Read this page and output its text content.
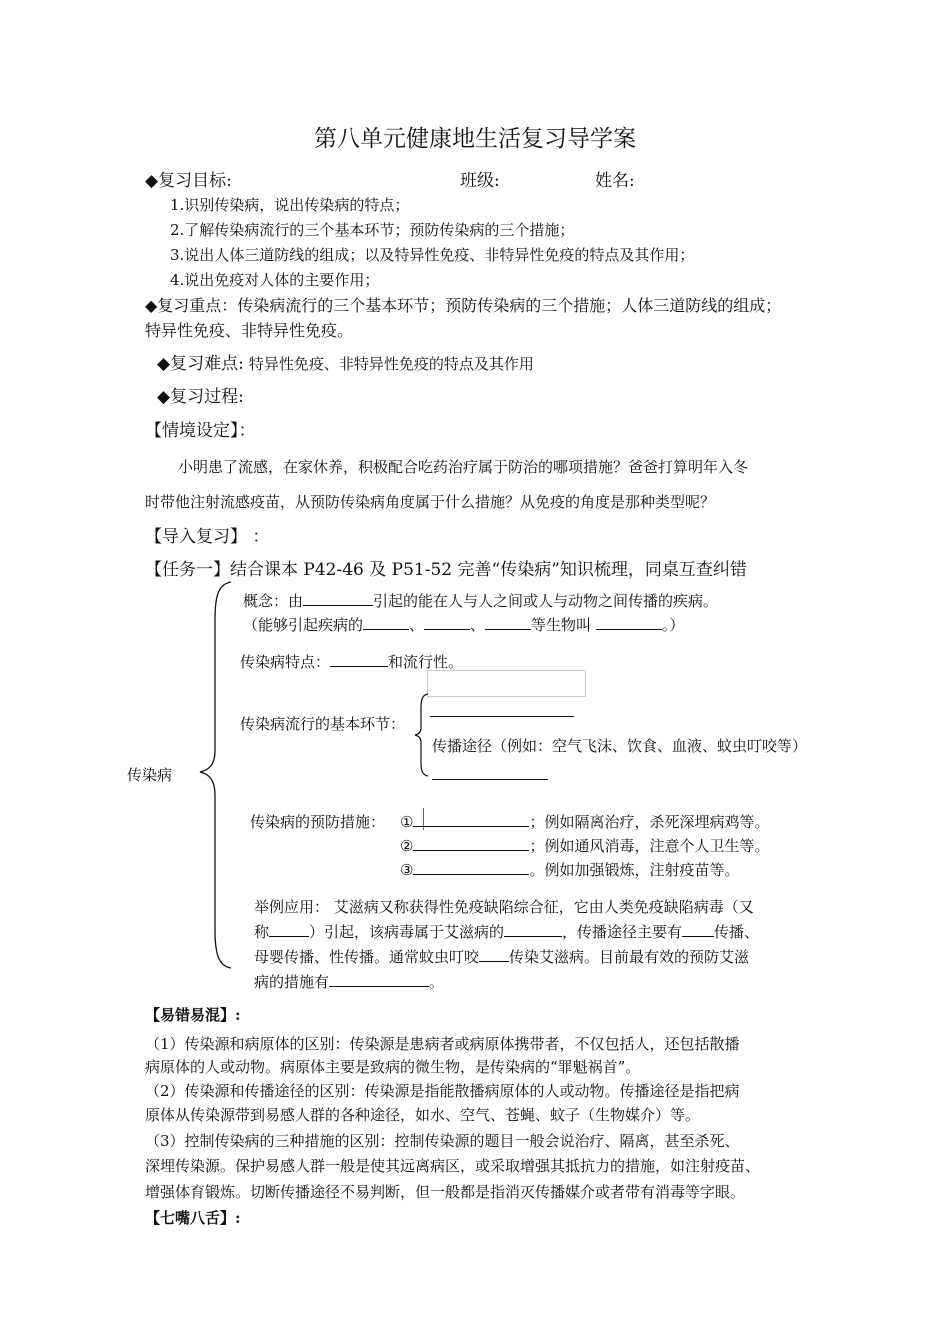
第八单元健康地生活复习导学案
◆复习目标:	班级:	姓名:
1.识别传染病，说出传染病的特点；
2.了解传染病流行的三个基本环节；预防传染病的三个措施；
3.说出人体三道防线的组成；以及特异性免疫、非特异性免疫的特点及其作用；
4.说出免疫对人体的主要作用；
◆复习重点：传染病流行的三个基本环节；预防传染病的三个措施；人体三道防线的组成；
特异性免疫、非特异性免疫。
◆复习难点: 特异性免疫、非特异性免疫的特点及其作用
◆复习过程:
【情境设定】：
小明患了流感，在家休养，积极配合吃药治疗属于防治的哪项措施？爸爸打算明年入冬
时带他注射流感疫苗，从预防传染病角度属于什么措施？从免疫的角度是那种类型呢？
【导入复习】 ：
【任务一】结合课本 P42-46 及 P51-52 完善“传染病”知识梳理，同桌互查纠错
传染病
概念：由	引起的能在人与人之间或人与动物之间传播的疾病。
（能够引起疾病的	、	、	等生物叫	。）
传染病特点：	和流行性。
传染病流行的基本环节：
传播途径（例如：空气飞沫、饮食、血液、蚊虫叮咬等）
传染病的预防措施： ①	；例如隔离治疗，杀死深埋病鸡等。
②	；例如通风消毒，注意个人卫生等。
③	。例如加强锻炼，注射疫苗等。
举例应用： 艾滋病又称获得性免疫缺陷综合征，它由人类免疫缺陷病毒（又
称	）引起，该病毒属于艾滋病的	，传播途径主要有 传播、
母婴传播、性传播。通常蚊虫叮咬 传染艾滋病。目前最有效的预防艾滋
病的措施有	。
【易错易混】:
（1）传染源和病原体的区别：传染源是患病者或病原体携带者，不仅包括人，还包括散播
病原体的人或动物。病原体主要是致病的微生物，是传染病的“罪魁祸首”。
（2）传染源和传播途径的区别：传染源是指能散播病原体的人或动物。传播途径是指把病
原体从传染源带到易感人群的各种途径，如水、空气、苍蝇、蚊子（生物媒介）等。
（3）控制传染病的三种措施的区别：控制传染源的题目一般会说治疗、隔离，甚至杀死、
深埋传染源。保护易感人群一般是使其远离病区，或采取增强其抵抗力的措施，如注射疫苗、
增强体育锻炼。切断传播途径不易判断，但一般都是指消灭传播媒介或者带有消毒等字眼。
【七嘴八舌】:
